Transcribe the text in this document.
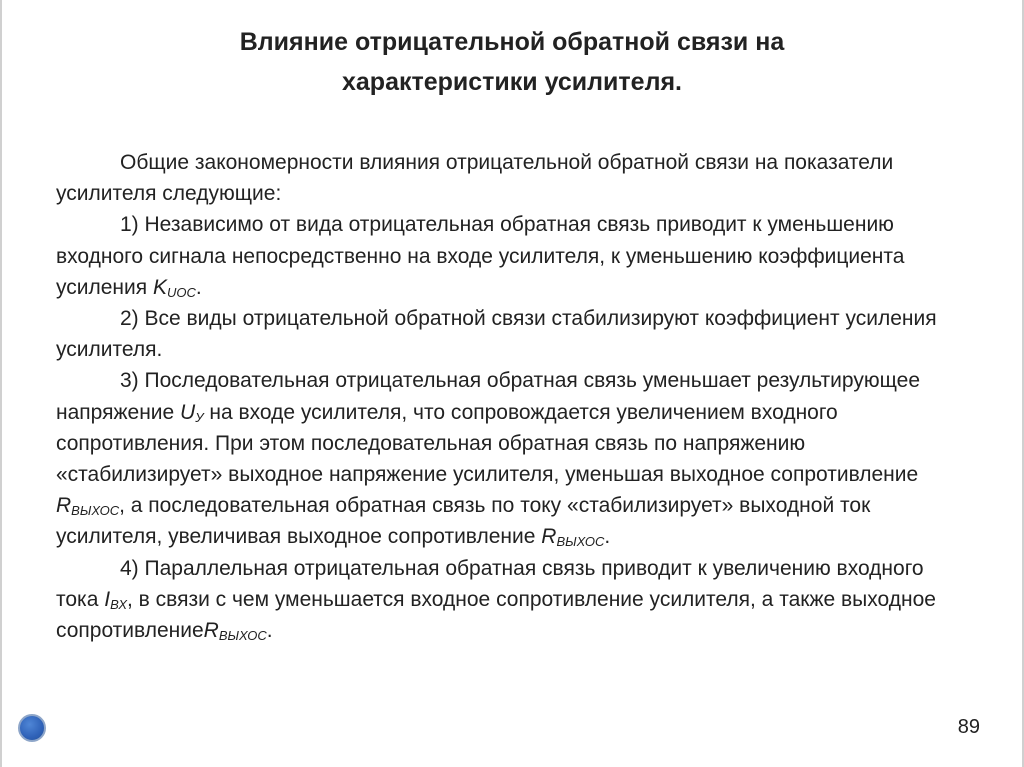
Влияние отрицательной обратной связи на
характеристики усилителя.

Общие закономерности влияния отрицательной обратной связи на показатели усилителя следующие:

1) Независимо от вида отрицательная обратная связь приводит к уменьшению входного сигнала непосредственно на входе усилителя, к уменьшению коэффициента усиления $K_{UOC}$.

2) Все виды отрицательной обратной связи стабилизируют коэффициент усиления усилителя.

3) Последовательная отрицательная обратная связь уменьшает результирующее напряжение $U_У$ на входе усилителя, что сопровождается увеличением входного сопротивления. При этом последовательная обратная связь по напряжению «стабилизирует» выходное напряжение усилителя, уменьшая выходное сопротивление $R_{ВЫХОС}$, а последовательная обратная связь по току «стабилизирует» выходной ток усилителя, увеличивая выходное сопротивление $R_{ВЫХОС}$.

4) Параллельная отрицательная обратная связь приводит к увеличению входного тока $I_{ВХ}$, в связи с чем уменьшается входное сопротивление усилителя, а также выходное сопротивлениеR$_{ВЫХОС}$.

89
